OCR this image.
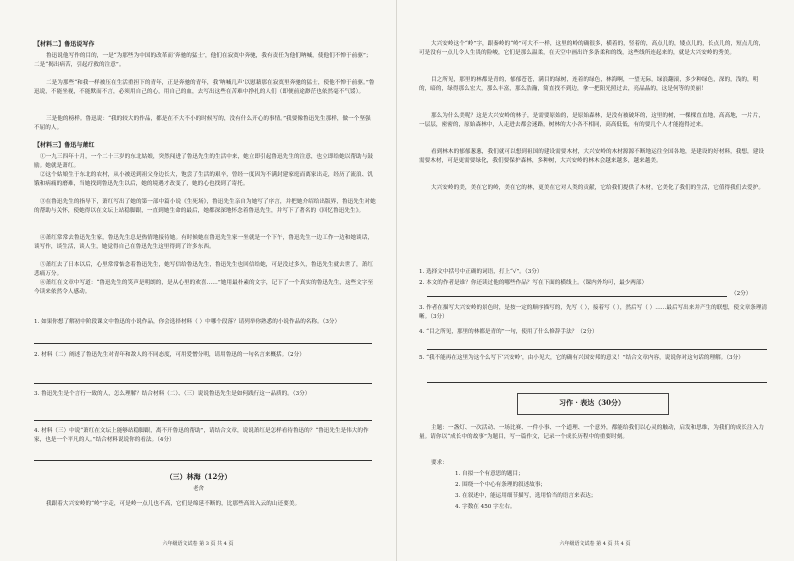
【材料二】鲁迅说写作
鲁迅说他写作的目的，一是“为那些为中国的改革而‘奔驰的猛士’，他们在寂寞中奔驰，我有责任为他们呐喊，使他们不惮于前驱”；二是“揭出病苦，引起疗救的注意”。
二是为那些“和我一样被压在生活重担下的青年，正是奔驰的青年，我‘呐喊几声’以慰藉那在寂寞里奔驰的猛士，使他不惮于前驱。”鲁迅说，不能坐视，不能默而不言，必须用自己的心，用自己的血，去写出这些在苦难中挣扎的人们（即便前途渺茫也依然毫不气馁）。
三是他的榜样。鲁迅说：“我的较大的作品，都是在不大不小的时候写的，没有什么开心的事情。”我要像鲁迅先生那样，做一个坚强不屈的人。
【材料三】鲁迅与萧红
①一九三四年十月，一个二十三岁的东北姑娘，突然闯进了鲁迅先生的生活中来，她立即引起鲁迅先生的注意，也立即给她以帮助与鼓励。她就是萧红。
②这个姑娘生于东北的农村，从小被送到祖父身边长大，饱尝了生活的艰辛，曾经一度因为不满封建家庭而离家出走，经历了流浪、饥饿和病痛的磨难，当她找到鲁迅先生以后，她的境遇才改变了，她的心也找到了寄托。
③在鲁迅先生的指导下，萧红写出了她的第一部中篇小说《生死场》，鲁迅先生亲自为她写了序言，并把她介绍给出版界，鲁迅先生对她的帮助与关怀，使她得以在文坛上站稳脚跟，一直到她生命的最后，她都深深地怀念着鲁迅先生，并写下了著名的《回忆鲁迅先生》。
④萧红常常去鲁迅先生家，鲁迅先生总是热情地接待她。有时候她在鲁迅先生家一坐就是一个下午，鲁迅先生一边工作一边和她谈话，谈写作，谈生活，谈人生，她觉得自己在鲁迅先生这里得到了许多东西。
⑤萧红去了日本以后，心里常常惦念着鲁迅先生，她写信给鲁迅先生，鲁迅先生也回信给她，可是没过多久，鲁迅先生就去世了，萧红悲痛万分。
⑥萧红在文章中写道：“鲁迅先生的笑声是明朗的，是从心里的欢喜……”她用最朴素的文字，记下了一个真实的鲁迅先生，这些文字至今读来依然令人感动。
1. 如果你想了解初中阶段课文中鲁迅的小说作品，你会选择材料（ ）中哪个段落？请列举你熟悉的小说作品的名称。（3分）
2. 材料（二）阐述了鲁迅先生对青年和敌人的不同态度，可用爱憎分明，请用鲁迅的一句名言来概括。（2分）
3. 鲁迅先生是个言行一致的人，怎么理解？结合材料（二）、（三）说说鲁迅先生是如何践行这一品质的。（3分）
4. 材料（三）中说“萧红在文坛上能够站稳脚跟，离不开鲁迅的帮助”，请结合文章，说说萧红是怎样看待鲁迅的？“鲁迅先生是伟大的作家，也是一个平凡的人。”结合材料说说你的看法。（4分）
（三）林海（12分）
老舍
我跟着大兴安岭的“岭”字走，可是岭一点儿也不高，它们是绵延不断的，比那些高耸入云的山还要美。
六年级语文试卷 第 3 页 共 4 页
大兴安岭这个“岭”字，跟秦岭的“岭”可大不一样，这里的岭的确很多，横着的，竖着的，高点儿的，矮点儿的，长点儿的，短点儿的，可是没有一点儿令人生畏的险峻，它们是那么温柔，在天空中画出许多条柔和的线，这些线所连起来的，就是大兴安岭的秀美。
目之所见，那里的林都是青的，郁郁苍苍，满目的绿树，连着的绿色，林海啊，一望无际，绿浪翻滚，多少种绿色，深的，浅的，明的，暗的，绿得那么宏大，那么丰富，那么浩瀚，简直找不到边，拿一把阳光照过去，亮晶晶的，这是何等的美丽！
那么为什么美呢？这是大兴安岭的林子，是需要原始的，是原始森林，是没有被破坏的，这里的树，一棵棵直直地，高高地，一片片，一层层，密密的，原始森林中，人走进去都会迷路，树林的大小各不相同，高高低低，有的要几个人才能抱得过来。
看到林木的郁郁葱葱，我们就可以想到祖国的建设需要木材，大兴安岭的木材源源不断地运往全国各地，是建设的好材料，我想，建设需要木材，可是更需要绿化，我们要保护森林，多种树，大兴安岭的林木会越来越多，越来越美。
大兴安岭的美，美在它的岭，美在它的林，更美在它对人类的贡献，它给我们提供了木材，它美化了我们的生活，它值得我们去爱护。
1. 选择文中括号中正确的词语，打上“√”。（3分）
2. 本文的作者是谁？你还读过他的哪些作品？写在下面的横线上。（课内外均可，最少两部）
（2分）
3. 作者在描写大兴安岭的景色时，是按一定的顺序描写的，先写（ ），接着写（ ），然后写（ ）……最后写出来并产生的联想，使文章条理清晰。（3分）
4. “目之所见，那里的林都是青的”一句，使用了什么修辞手法？（2分）
5. “我不能再在这里为这个么写下‘兴安岭’，由小见大，它的确有兴国安邦的意义！”结合文章内容，说说你对这句话的理解。（3分）
习作 · 表达（30分）
主题：一盏灯、一次活动、一场比赛、一件小事、一个道理、一个意外，都能给我们以心灵的触动，启发和思维，为我们的成长注入力量。请你以“成长中的故事”为题目，写一篇作文，记录一个成长历程中的重要时刻。
要求：
1. 自拟一个有意思的题目；
2. 围绕一个中心有条理的叙述故事；
3. 在叙述中，能运用细节描写，选用恰当的语言来表达；
4. 字数在 450 字左右。
六年级语文试卷 第 4 页 共 4 页
